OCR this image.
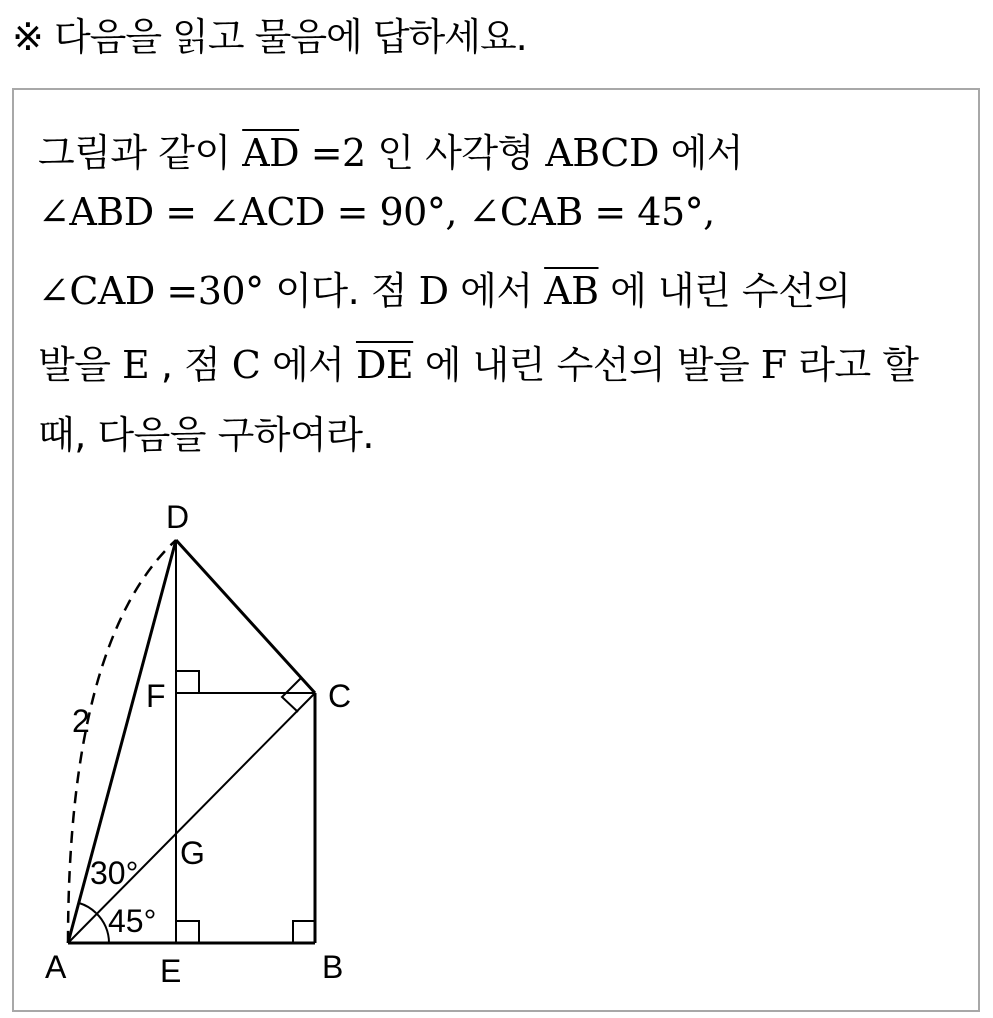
※ 다음을 읽고 물음에 답하세요.
그림과 같이 $\overline{AD} =2$ 인 사각형 ABCD 에서
∠ABD = ∠ACD = 90°, ∠CAB = 45°,
∠CAD =30° 이다. 점 D 에서 $\overline{AB}$ 에 내린 수선의
발을 E , 점 C 에서 $\overline{DE}$ 에 내린 수선의 발을 F 라고 할
때, 다음을 구하여라.
D
F	C
G
2
30°
45°
A	E	B
